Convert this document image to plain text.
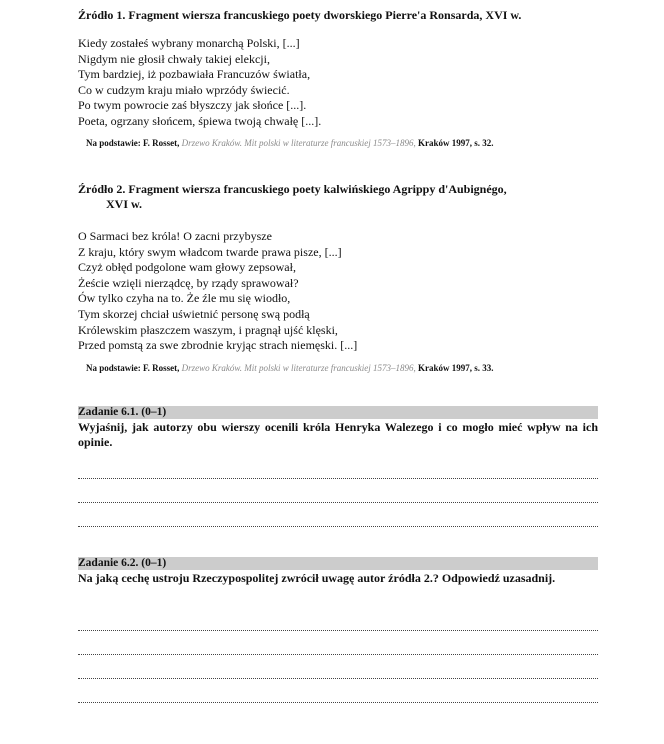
Źródło 1. Fragment wiersza francuskiego poety dworskiego Pierre'a Ronsarda, XVI w.

Kiedy zostałeś wybrany monarchą Polski, [...]
Nigdym nie głosił chwały takiej elekcji,
Tym bardziej, iż pozbawiała Francuzów światła,
Co w cudzym kraju miało wprzódy świecić.
Po twym powrocie zaś błyszczy jak słońce [...].
Poeta, ogrzany słońcem, śpiewa twoją chwałę [...].
Na podstawie: F. Rosset, Drzewo Kraków. Mit polski w literaturze francuskiej 1573–1896, Kraków 1997, s. 32.

Źródło 2. Fragment wiersza francuskiego poety kalwińskiego Agrippy d'Aubignégo,
XVI w.

O Sarmaci bez króla! O zacni przybysze
Z kraju, który swym władcom twarde prawa pisze, [...]
Czyż obłęd podgolone wam głowy zepsował,
Żeście wzięli nierządcę, by rządy sprawował?
Ów tylko czyha na to. Że źle mu się wiodło,
Tym skorzej chciał uświetnić personę swą podłą
Królewskim płaszczem waszym, i pragnął ujść klęski,
Przed pomstą za swe zbrodnie kryjąc strach niemęski. [...]
Na podstawie: F. Rosset, Drzewo Kraków. Mit polski w literaturze francuskiej 1573–1896, Kraków 1997, s. 33.
Zadanie 6.1. (0–1)
Wyjaśnij, jak autorzy obu wierszy ocenili króla Henryka Walezego i co mogło mieć wpływ na ich opinie.
Zadanie 6.2. (0–1)
Na jaką cechę ustroju Rzeczypospolitej zwrócił uwagę autor źródła 2.? Odpowiedź uzasadnij.
